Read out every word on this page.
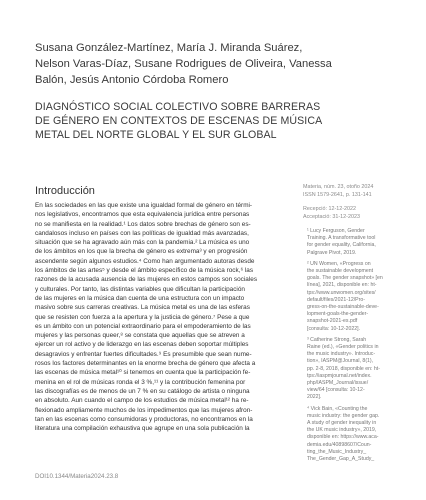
Susana González-Martínez, María J. Miranda Suárez,
Nelson Varas-Díaz, Susane Rodrigues de Oliveira, Vanessa
Balón, Jesús Antonio Córdoba Romero
DIAGNÓSTICO SOCIAL COLECTIVO SOBRE BARRERAS
DE GÉNERO EN CONTEXTOS DE ESCENAS DE MÚSICA
METAL DEL NORTE GLOBAL Y EL SUR GLOBAL
Introducción	Materia, núm. 23, otoño 2024
ISSN 1579-2641, p. 131-141
Recepció: 12-12-2022
Acceptació: 31-12-2023

En las sociedades en las que existe una igualdad formal de género en térmi-

nos legislativos, encontramos que esta equivalencia jurídica entre personas

no se manifiesta en la realidad.¹ Los datos sobre brechas de género son es-

candalosos incluso en países con las políticas de igualdad más avanzadas,

situación que se ha agravado aún más con la pandemia.² La música es uno

de los ámbitos en los que la brecha de género es extrema³ y en progresión

ascendente según algunos estudios.⁴ Como han argumentado autoras desde

los ámbitos de las artes⁵ y desde el ámbito específico de la música rock,⁶ las

razones de la acusada ausencia de las mujeres en estos campos son sociales

y culturales. Por tanto, las distintas variables que dificultan la participación

de las mujeres en la música dan cuenta de una estructura con un impacto

masivo sobre sus carreras creativas. La música metal es una de las esferas

que se resisten con fuerza a la apertura y la justicia de género.⁷ Pese a que

es un ámbito con un potencial extraordinario para el empoderamiento de las

mujeres y las personas queer,⁸ se constata que aquellas que se atreven a

ejercer un rol activo y de liderazgo en las escenas deben soportar múltiples

desagravios y enfrentar fuertes dificultades.⁹ Es presumible que sean nume-

rosos los factores determinantes en la enorme brecha de género que afecta a

las escenas de música metal¹⁰ si tenemos en cuenta que la participación fe-

menina en el rol de músicas ronda el 3 %,¹¹ y la contribución femenina por

las discografías es de menos de un 7 % en su catálogo de artista o ninguna

en absoluto. Aun cuando el campo de los estudios de música metal¹² ha re-

flexionado ampliamente muchos de los impedimentos que las mujeres afron-

tan en las escenas como consumidoras y productoras, no encontramos en la

literatura una compilación exhaustiva que agrupe en una sola publicación la

¹ Lucy Ferguson, Gender
Training. A transformative tool
for gender equality, California,
Palgrave Pivot, 2019.
² UN Women, «Progress on
the sustainable development
goals. The gender snapshot» [en
línea], 2021, disponible en: ht-
tps://www.unwomen.org/sites/
default/files/2021-12/Pro-
gress-on-the-sustainable-deve-
lopment-goals-the-gender-
snapshot-2021-es.pdf
[consulta: 10-12-2022].
³ Catherine Strong, Sarah
Raine (ed.), «Gender politics in
the music industry». Introduc-
tion», IASPM@Journal, 8(1),
pp. 2-8, 2018, disponible en: ht-
tps://iaspmjournal.net/index.
php/IASPM_Journal/issue/
view/64 [consulta: 10-12-
2022].
⁴ Vick Bain, «Counting the
music industry: the gender gap.
A study of gender inequality in
the UK music industry», 2019,
disponible en: https://www.aca-
demia.edu/40898607/Coun-
ting_the_Music_Industry_
The_Gender_Gap_A_Study_
DOI10.1344/Materia2024.23.8
